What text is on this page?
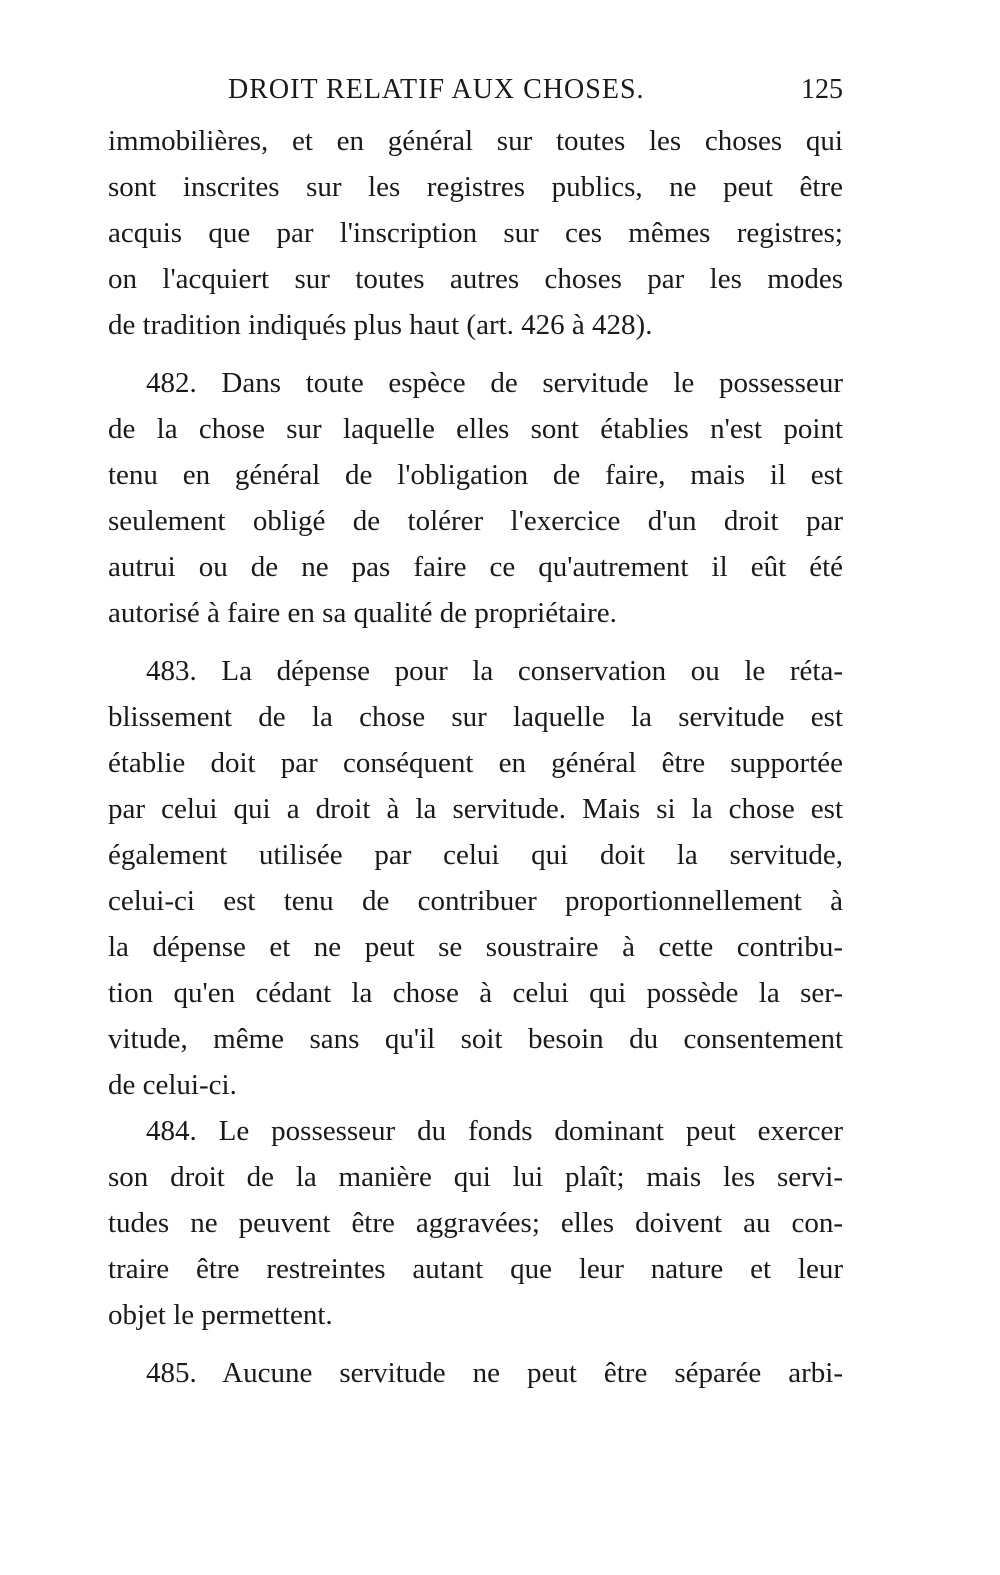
DROIT RELATIF AUX CHOSES.	125
immobilières, et en général sur toutes les choses qui
sont inscrites sur les registres publics, ne peut être
acquis que par l'inscription sur ces mêmes registres;
on l'acquiert sur toutes autres choses par les modes
de tradition indiqués plus haut (art. 426 à 428).
482. Dans toute espèce de servitude le possesseur
de la chose sur laquelle elles sont établies n'est point
tenu en général de l'obligation de faire, mais il est
seulement obligé de tolérer l'exercice d'un droit par
autrui ou de ne pas faire ce qu'autrement il eût été
autorisé à faire en sa qualité de propriétaire.
483. La dépense pour la conservation ou le réta-
blissement de la chose sur laquelle la servitude est
établie doit par conséquent en général être supportée
par celui qui a droit à la servitude. Mais si la chose est
également utilisée par celui qui doit la servitude,
celui-ci est tenu de contribuer proportionnellement à
la dépense et ne peut se soustraire à cette contribu-
tion qu'en cédant la chose à celui qui possède la ser-
vitude, même sans qu'il soit besoin du consentement
de celui-ci.
484. Le possesseur du fonds dominant peut exercer
son droit de la manière qui lui plaît; mais les servi-
tudes ne peuvent être aggravées; elles doivent au con-
traire être restreintes autant que leur nature et leur
objet le permettent.
485. Aucune servitude ne peut être séparée arbi-
